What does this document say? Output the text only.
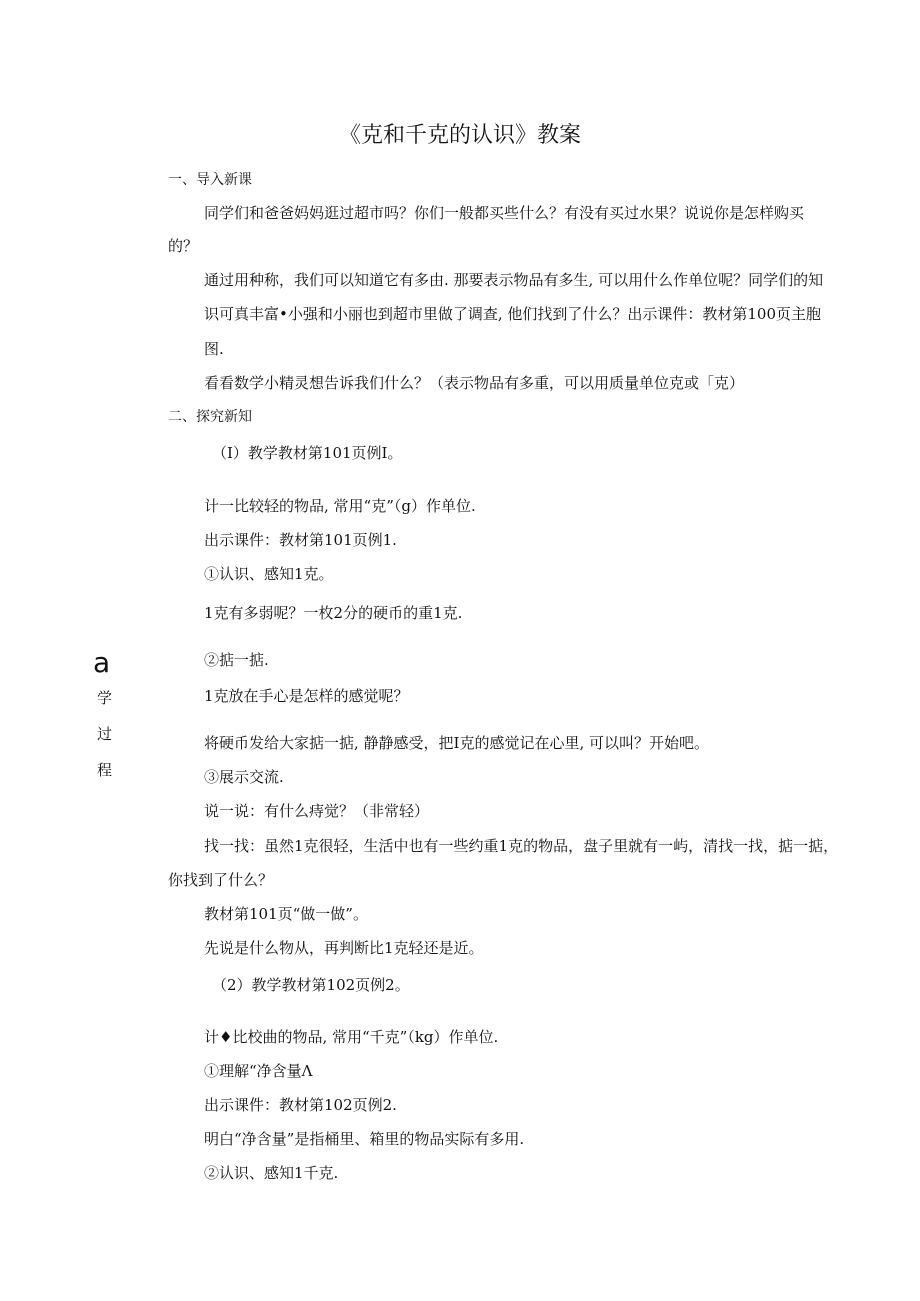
《克和千克的认识》教案
一、导入新课
同学们和爸爸妈妈逛过超市吗？你们一般都买些什么？有没有买过水果？说说你是怎样购买
的？
通过用种称，我们可以知道它有多由. 那要表示物品有多生, 可以用什么作单位呢？同学们的知
识可真丰富•小强和小丽也到超市里做了调查, 他们找到了什么？出示课件：教材第100页主胞
图.
看看数学小精灵想告诉我们什么？（表示物品有多重，可以用质量单位克或「克）
二、探究新知
（I）教学教材第101页例I。
计一比较轻的物品, 常用“克”（g）作单位.
出示课件：教材第101页例1.
①认识、感知1克。
1克有多弱呢？一枚2分的硬币的重1克.
a
学
过
程
②掂一掂.
1克放在手心是怎样的感觉呢？
将硬币发给大家掂一掂, 静静感受，把I克的感觉记在心里, 可以叫？开始吧。
③展示交流.
说一说：有什么痔觉？（非常轻）
找一找：虽然1克很轻，生活中也有一些约重1克的物品，盘子里就有一屿，清找一找，掂一掂，
你找到了什么？
教材第101页“做一做”。
先说是什么物从，再判断比1克轻还是近。
（2）教学教材第102页例2。
计♦比校曲的物品, 常用“千克”（kg）作单位.
①理解“净含量Λ
出示课件：教材第102页例2.
明白“净含量”是指桶里、箱里的物品实际有多用.
②认识、感知1千克.
